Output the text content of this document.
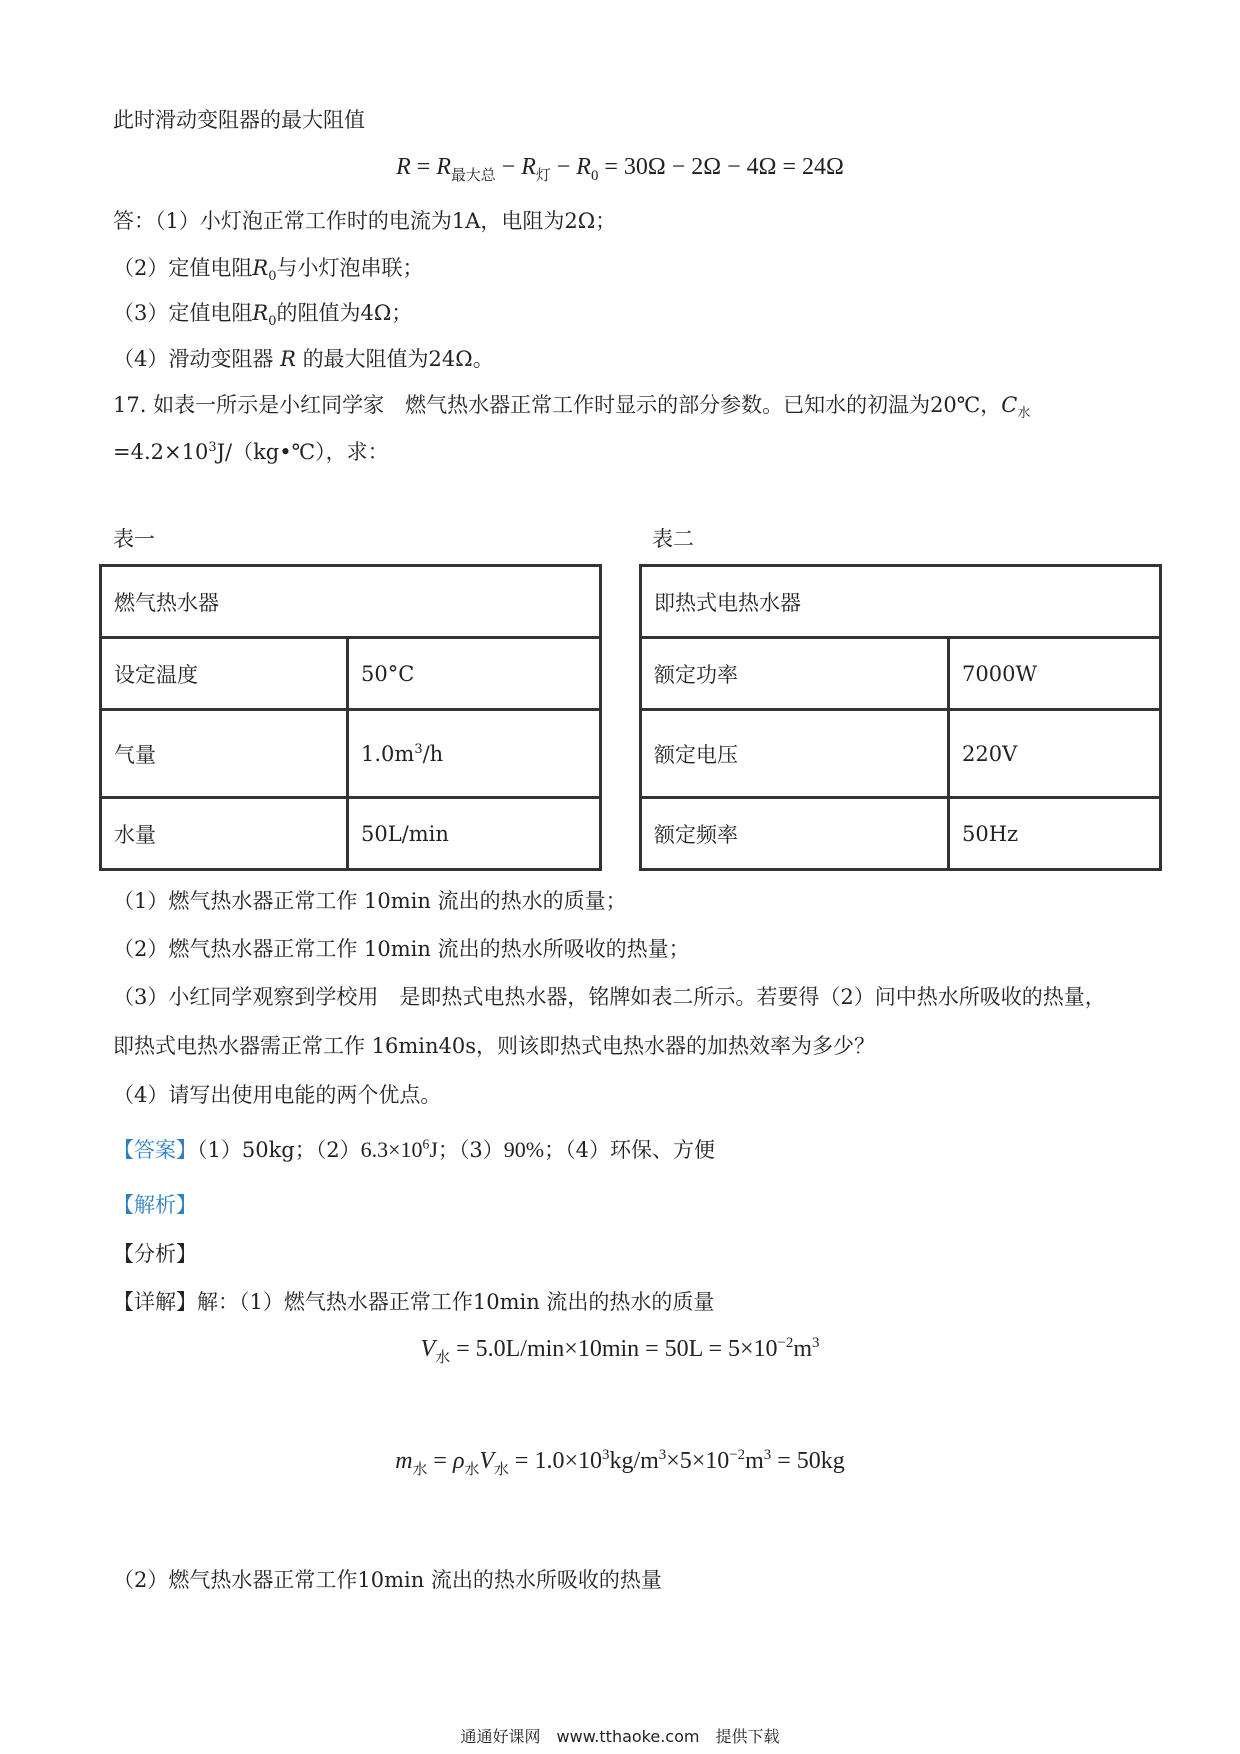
此时滑动变阻器的最大阻值
$R = R_{最大总} - R_灯 - R_0 = 30\Omega - 2\Omega - 4\Omega = 24\Omega$
答：（1）小灯泡正常工作时的电流为1A，电阻为2Ω；
（2）定值电阻$R_0$与小灯泡串联；
（3）定值电阻$R_0$的阻值为4Ω；
（4）滑动变阻器 R 的最大阻值为24Ω。
17. 如表一所示是小红同学家　燃气热水器正常工作时显示的部分参数。已知水的初温为20℃，$C_水$
$=4.2\times 10^3J/(kg•℃)$，求：
表一	表二
燃气热水器	
设定温度	50°C
气量	$1.0m^3/h$
水量	50L/min
即热式电热水器	
额定功率	7000W
额定电压	220V
额定频率	50Hz
（1）燃气热水器正常工作 10min 流出的热水的质量；
（2）燃气热水器正常工作 10min 流出的热水所吸收的热量；
（3）小红同学观察到学校用　是即热式电热水器，铭牌如表二所示。若要得（2）问中热水所吸收的热量，
即热式电热水器需正常工作 16min40s，则该即热式电热水器的加热效率为多少？
（4）请写出使用电能的两个优点。
【答案】（1）50kg；$(2)6.3\times 10^6J$；（3）90%；（4）环保、方便
【解析】
【分析】
【详解】解：（1）燃气热水器正常工作10min 流出的热水的质量
$V_水 = 5.0L/\min\times 10\min = 50L = 5\times 10^{-2}m^3$
$m_水 = \rho_水V_水 = 1.0\times 10^3kg/m^3\times 5\times 10^{-2}m^3 = 50kg$
（2）燃气热水器正常工作10min 流出的热水所吸收的热量
通通好课网　www.tthaoke.com　提供下载
